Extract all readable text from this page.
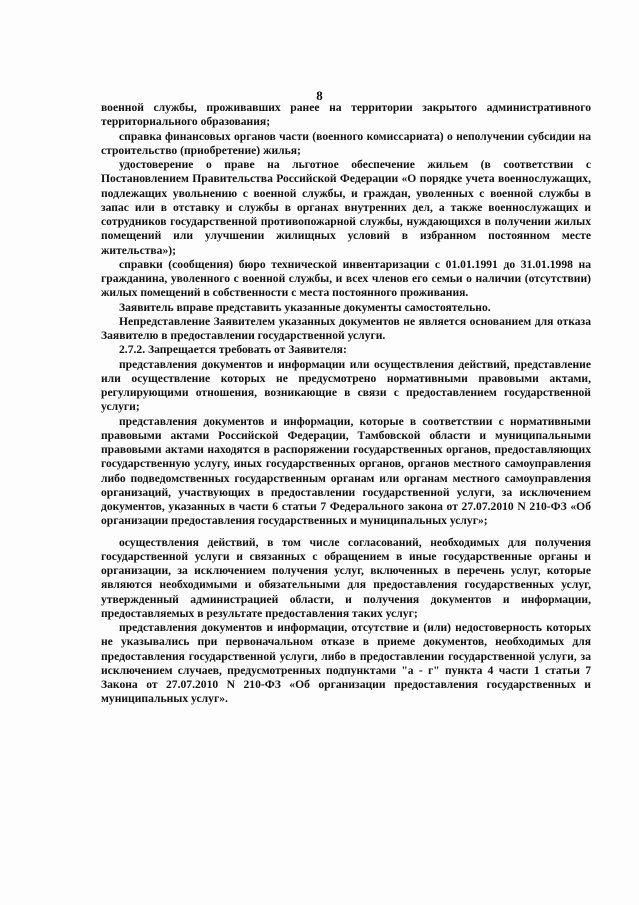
8

военной службы, проживавших ранее на территории закрытого административного территориального образования;

справка финансовых органов части (военного комиссариата) о неполучении субсидии на строительство (приобретение) жилья;

удостоверение о праве на льготное обеспечение жильем (в соответствии с Постановлением Правительства Российской Федерации «О порядке учета военнослужащих, подлежащих увольнению с военной службы, и граждан, уволенных с военной службы в запас или в отставку и службы в органах внутренних дел, а также военнослужащих и сотрудников государственной противопожарной службы, нуждающихся в получении жилых помещений или улучшении жилищных условий в избранном постоянном месте жительства»);

справки (сообщения) бюро технической инвентаризации с 01.01.1991 до 31.01.1998 на гражданина, уволенного с военной службы, и всех членов его семьи о наличии (отсутствии) жилых помещений в собственности с места постоянного проживания.

Заявитель вправе представить указанные документы самостоятельно.

Непредставление Заявителем указанных документов не является основанием для отказа Заявителю в предоставлении государственной услуги.

2.7.2. Запрещается требовать от Заявителя:

представления документов и информации или осуществления действий, представление или осуществление которых не предусмотрено нормативными правовыми актами, регулирующими отношения, возникающие в связи с предоставлением государственной услуги;

представления документов и информации, которые в соответствии с нормативными правовыми актами Российской Федерации, Тамбовской области и муниципальными правовыми актами находятся в распоряжении государственных органов, предоставляющих государственную услугу, иных государственных органов, органов местного самоуправления либо подведомственных государственным органам или органам местного самоуправления организаций, участвующих в предоставлении государственной услуги, за исключением документов, указанных в части 6 статьи 7 Федерального закона от 27.07.2010 N 210-ФЗ «Об организации предоставления государственных и муниципальных услуг»;

осуществления действий, в том числе согласований, необходимых для получения государственной услуги и связанных с обращением в иные государственные органы и организации, за исключением получения услуг, включенных в перечень услуг, которые являются необходимыми и обязательными для предоставления государственных услуг, утвержденный администрацией области, и получения документов и информации, предоставляемых в результате предоставления таких услуг;

представления документов и информации, отсутствие и (или) недостоверность которых не указывались при первоначальном отказе в приеме документов, необходимых для предоставления государственной услуги, либо в предоставлении государственной услуги, за исключением случаев, предусмотренных подпунктами "а - г" пункта 4 части 1 статьи 7 Закона от 27.07.2010 N 210-ФЗ «Об организации предоставления государственных и муниципальных услуг».
